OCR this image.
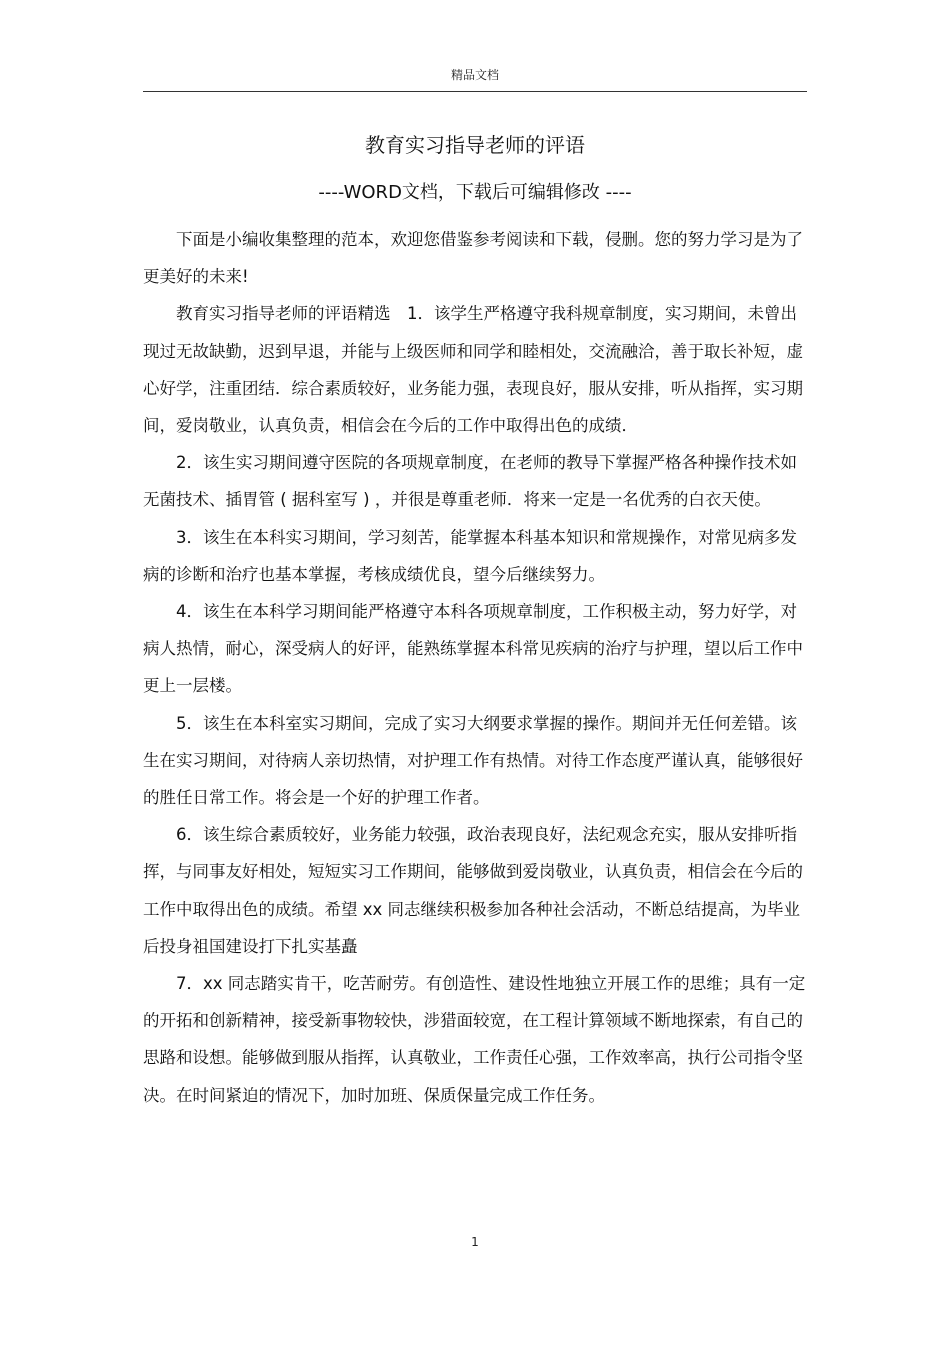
精品文档
教育实习指导老师的评语
----WORD文档，下载后可编辑修改 ----

下面是小编收集整理的范本，欢迎您借鉴参考阅读和下载，侵删。您的努力学习是为了更美好的未来!

教育实习指导老师的评语精选　1．该学生严格遵守我科规章制度，实习期间，未曾出现过无故缺勤，迟到早退，并能与上级医师和同学和睦相处，交流融洽，善于取长补短，虚心好学，注重团结．综合素质较好，业务能力强，表现良好，服从安排，听从指挥，实习期间，爱岗敬业，认真负责，相信会在今后的工作中取得出色的成绩．

2．该生实习期间遵守医院的各项规章制度，在老师的教导下掌握严格各种操作技术如无菌技术、插胃管 ( 据科室写 ) ，并很是尊重老师．将来一定是一名优秀的白衣天使。

3．该生在本科实习期间，学习刻苦，能掌握本科基本知识和常规操作，对常见病多发病的诊断和治疗也基本掌握，考核成绩优良，望今后继续努力。

4．该生在本科学习期间能严格遵守本科各项规章制度，工作积极主动，努力好学，对病人热情，耐心，深受病人的好评，能熟练掌握本科常见疾病的治疗与护理，望以后工作中更上一层楼。

5．该生在本科室实习期间，完成了实习大纲要求掌握的操作。期间并无任何差错。该生在实习期间，对待病人亲切热情，对护理工作有热情。对待工作态度严谨认真，能够很好的胜任日常工作。将会是一个好的护理工作者。

6．该生综合素质较好，业务能力较强，政治表现良好，法纪观念充实，服从安排听指挥，与同事友好相处，短短实习工作期间，能够做到爱岗敬业，认真负责，相信会在今后的工作中取得出色的成绩。希望 xx 同志继续积极参加各种社会活动，不断总结提高，为毕业后投身祖国建设打下扎实基矗

7．xx 同志踏实肯干，吃苦耐劳。有创造性、建设性地独立开展工作的思维；具有一定的开拓和创新精神，接受新事物较快，涉猎面较宽，在工程计算领域不断地探索，有自己的思路和设想。能够做到服从指挥，认真敬业，工作责任心强，工作效率高，执行公司指令坚决。在时间紧迫的情况下，加时加班、保质保量完成工作任务。

1
